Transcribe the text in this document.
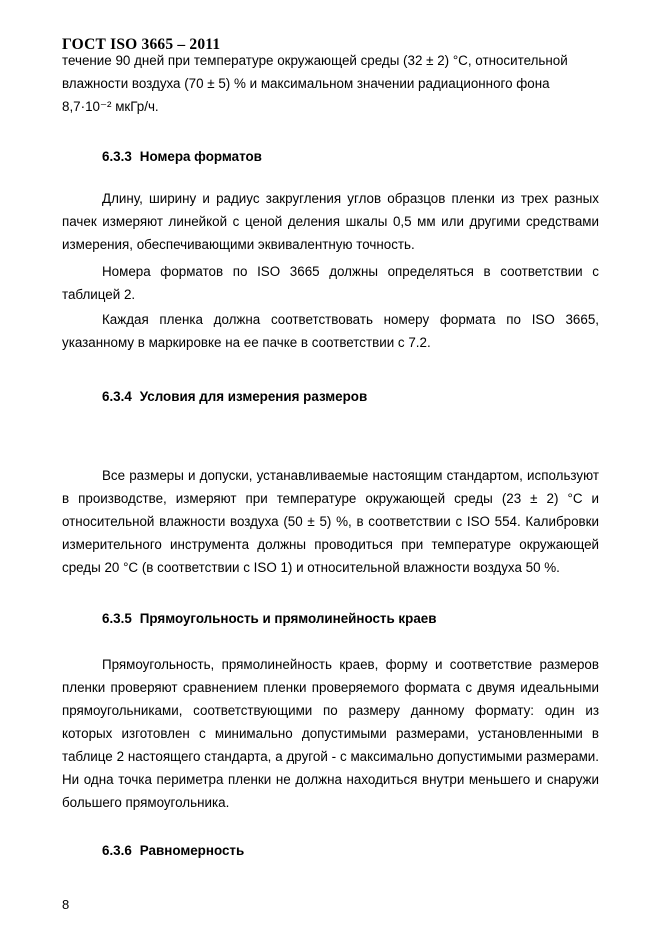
ГОСТ ISO 3665 – 2011
течение 90 дней при температуре окружающей среды (32 ± 2) °C, относительной
влажности воздуха (70 ± 5) % и максимальном значении радиационного фона
8,7·10⁻² мкГр/ч.
6.3.3 Номера форматов
Длину, ширину и радиус закругления углов образцов пленки из трех разных пачек измеряют линейкой с ценой деления шкалы 0,5 мм или другими средствами измерения, обеспечивающими эквивалентную точность.
Номера форматов по ISO 3665 должны определяться в соответствии с таблицей 2.
Каждая пленка должна соответствовать номеру формата по ISO 3665, указанному в маркировке на ее пачке в соответствии с 7.2.
6.3.4 Условия для измерения размеров
Все размеры и допуски, устанавливаемые настоящим стандартом, используют в производстве, измеряют при температуре окружающей среды (23 ± 2) °C и относительной влажности воздуха (50 ± 5) %, в соответствии с ISO 554. Калибровки измерительного инструмента должны проводиться при температуре окружающей среды 20 °C (в соответствии с ISO 1) и относительной влажности воздуха 50 %.
6.3.5 Прямоугольность и прямолинейность краев
Прямоугольность, прямолинейность краев, форму и соответствие размеров пленки проверяют сравнением пленки проверяемого формата с двумя идеальными прямоугольниками, соответствующими по размеру данному формату: один из которых изготовлен с минимально допустимыми размерами, установленными в таблице 2 настоящего стандарта, а другой - с максимально допустимыми размерами. Ни одна точка периметра пленки не должна находиться внутри меньшего и снаружи большего прямоугольника.
6.3.6 Равномерность
8
